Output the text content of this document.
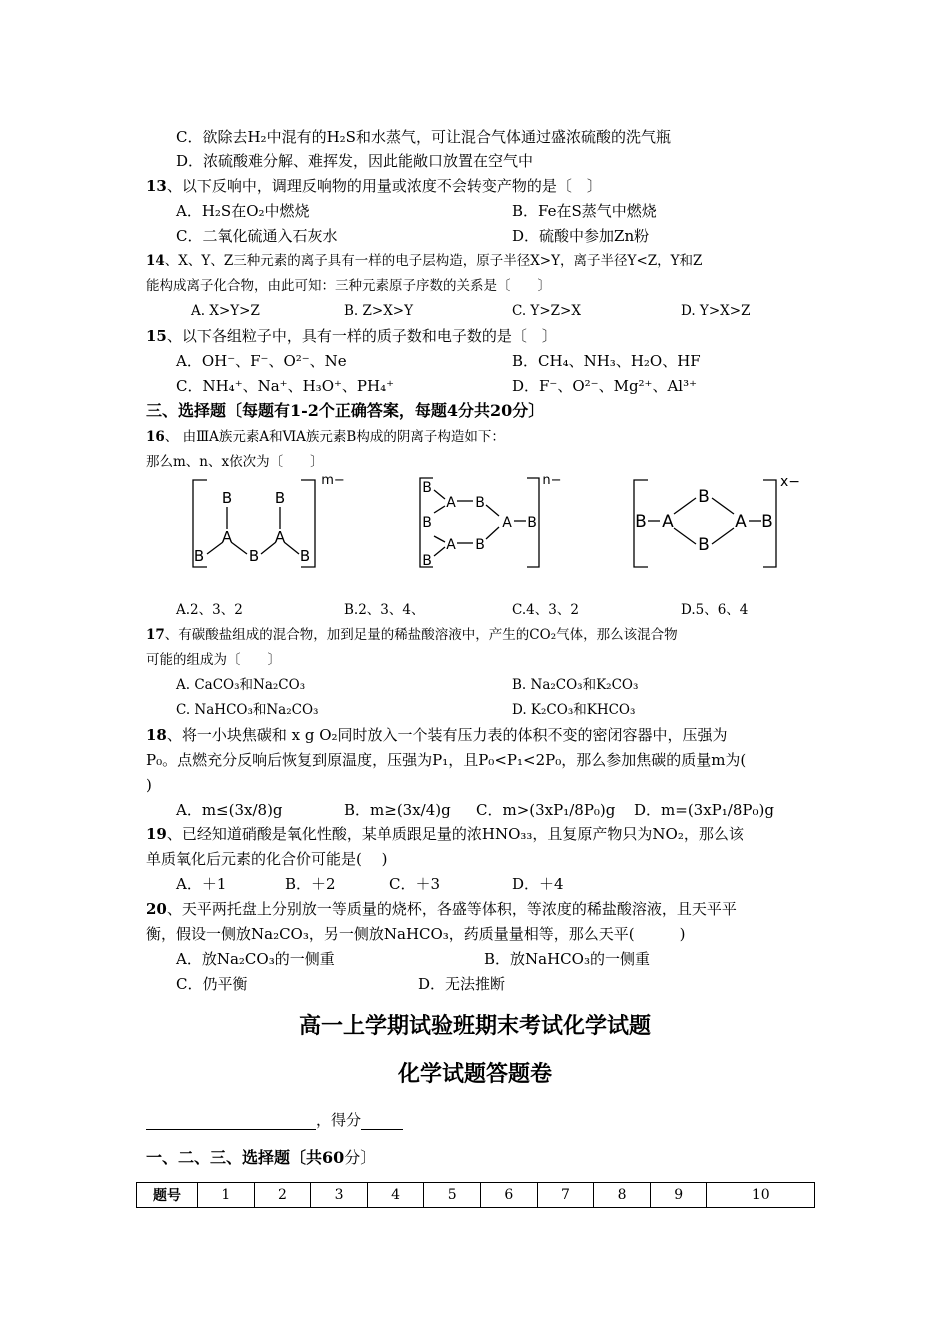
C．欲除去H₂中混有的H₂S和水蒸气，可让混合气体通过盛浓硫酸的洗气瓶
D．浓硫酸难分解、难挥发，因此能敞口放置在空气中
13、以下反响中，调理反响物的用量或浓度不会转变产物的是〔　〕
A．H₂S在O₂中燃烧	B．Fe在S蒸气中燃烧
C．二氧化硫通入石灰水	D．硫酸中参加Zn粉
14、X、Y、Z三种元素的离子具有一样的电子层构造，原子半径X>Y，离子半径Y<Z，Y和Z
能构成离子化合物，由此可知：三种元素原子序数的关系是〔　　〕
A. X>Y>Z	B. Z>X>Y	C. Y>Z>X	D. Y>X>Z
15、以下各组粒子中，具有一样的质子数和电子数的是〔　〕
A．OH⁻、F⁻、O²⁻、Ne	B．CH₄、NH₃、H₂O、HF
C．NH₄⁺、Na⁺、H₃O⁺、PH₄⁺	D．F⁻、O²⁻、Mg²⁺、Al³⁺
三、选择题〔每题有1-2个正确答案，每题4分共20分〕
16、 由ⅢA族元素A和ⅥA族元素B构成的阴离子构造如下：
那么m、n、x依次为〔　　〕
B	B
A	A
B	B	B
m−	B
B
B
A
A
B
B
A B
n−
B A
B
B
A B
x−
A.2、3、2	B.2、3、4、	C.4、3、2	D.5、6、4
17、有碳酸盐组成的混合物，加到足量的稀盐酸溶液中，产生的CO₂气体，那么该混合物
可能的组成为〔　　〕
A. CaCO₃和Na₂CO₃	B. Na₂CO₃和K₂CO₃
C. NaHCO₃和Na₂CO₃	D. K₂CO₃和KHCO₃
18、将一小块焦碳和 x g O₂同时放入一个装有压力表的体积不变的密闭容器中，压强为
P₀。点燃充分反响后恢复到原温度，压强为P₁，且P₀<P₁<2P₀，那么参加焦碳的质量m为(
)
A．m≤(3x/8)g	B．m≥(3x/4)g C．m>(3xP₁/8P₀)g D．m=(3xP₁/8P₀)g
19、已经知道硝酸是氧化性酸，某单质跟足量的浓HNO₃₃，且复原产物只为NO₂，那么该
单质氧化后元素的化合价可能是(　 )
A．＋1	B．＋2	C．＋3	D．＋4
20、天平两托盘上分别放一等质量的烧杯，各盛等体积，等浓度的稀盐酸溶液，且天平平
衡，假设一侧放Na₂CO₃，另一侧放NaHCO₃，药质量量相等，那么天平(　　　)
A．放Na₂CO₃的一侧重	B．放NaHCO₃的一侧重
C．仍平衡	D．无法推断
高一上学期试验班期末考试化学试题
化学试题答题卷
，得分
一、二、三、选择题〔共60分〕
题号	1	2	3	4	5	6	7	8	9	10
